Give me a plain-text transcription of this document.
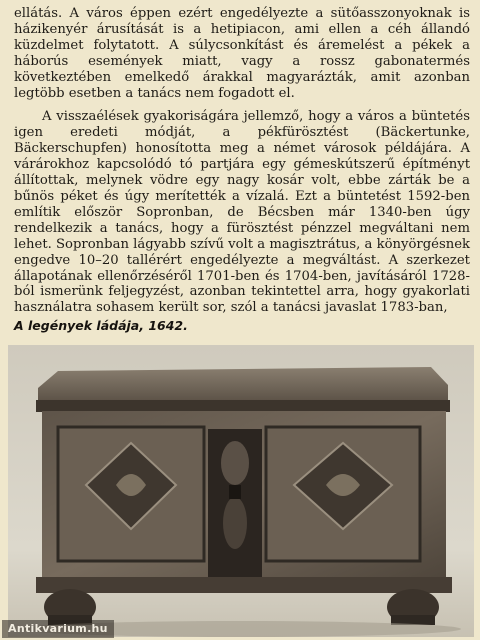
ellátás. A város éppen ezért engedélyezte a sütőasszonyoknak is házikenyér árusítását is a hetipiacon, ami ellen a céh állandó küzdelmet folytatott. A súlycsonkítást és áremelést a pékek a háborús események miatt, vagy a rossz gabonatermés következtében emelkedő árakkal magyarázták, amit azonban legtöbb esetben a tanács nem fogadott el.

A visszaélések gyakoriságára jellemző, hogy a város a büntetés igen eredeti módját, a pékfürösztést (Bäckertunke, Bäckerschupfen) honosította meg a német városok példájára. A várárokhoz kapcsolódó tó partjára egy gémeskútszerű építményt állítottak, melynek vödre egy nagy kosár volt, ebbe zárták be a bűnös péket és úgy merítették a vízalá. Ezt a büntetést 1592-ben említik először Sopronban, de Bécsben már 1340-ben úgy rendelkezik a tanács, hogy a fürösztést pénzzel megváltani nem lehet. Sopronban lágyabb szívű volt a magisztrátus, a könyörgésnek engedve 10–20 tallérért engedélyezte a megváltást. A szerkezet állapotának ellenőrzéséről 1701-ben és 1704-ben, javításáról 1728-ból ismerünk feljegyzést, azonban tekintettel arra, hogy gyakorlati használatra sohasem került sor, szól a tanácsi javaslat 1783-ban,

A legények ládája, 1642.
Antikvarium.hu
